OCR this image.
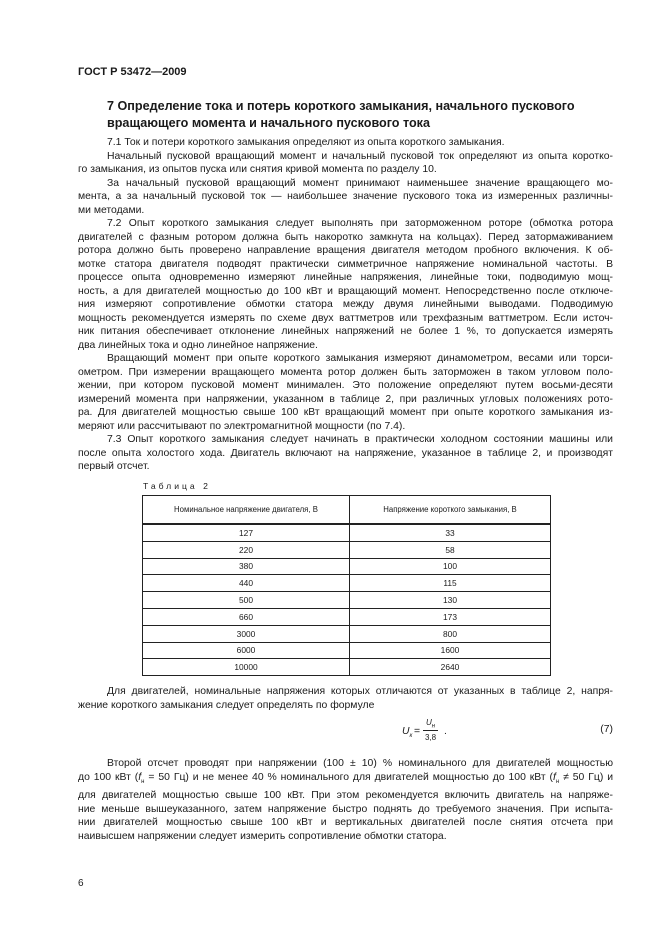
ГОСТ Р 53472—2009
7 Определение тока и потерь короткого замыкания, начального пускового
вращающего момента и начального пускового тока
7.1 Ток и потери короткого замыкания определяют из опыта короткого замыкания.
Начальный пусковой вращающий момент и начальный пусковой ток определяют из опыта коротко-
го замыкания, из опытов пуска или снятия кривой момента по разделу 10.
За начальный пусковой вращающий момент принимают наименьшее значение вращающего мо-
мента, а за начальный пусковой ток — наибольшее значение пускового тока из измеренных различны-
ми методами.
7.2 Опыт короткого замыкания следует выполнять при заторможенном роторе (обмотка ротора
двигателей с фазным ротором должна быть накоротко замкнута на кольцах). Перед затормаживанием
ротора должно быть проверено направление вращения двигателя методом пробного включения. К об-
мотке статора двигателя подводят практически симметричное напряжение номинальной частоты. В
процессе опыта одновременно измеряют линейные напряжения, линейные токи, подводимую мощ-
ность, а для двигателей мощностью до 100 кВт и вращающий момент. Непосредственно после отключе-
ния измеряют сопротивление обмотки статора между двумя линейными выводами. Подводимую
мощность рекомендуется измерять по схеме двух ваттметров или трехфазным ваттметром. Если источ-
ник питания обеспечивает отклонение линейных напряжений не более 1 %, то допускается измерять
два линейных тока и одно линейное напряжение.
Вращающий момент при опыте короткого замыкания измеряют динамометром, весами или торси-
ометром. При измерении вращающего момента ротор должен быть заторможен в таком угловом поло-
жении, при котором пусковой момент минимален. Это положение определяют путем восьми-десяти
измерений момента при напряжении, указанном в таблице 2, при различных угловых положениях рото-
ра. Для двигателей мощностью свыше 100 кВт вращающий момент при опыте короткого замыкания из-
меряют или рассчитывают по электромагнитной мощности (по 7.4).
7.3 Опыт короткого замыкания следует начинать в практически холодном состоянии машины или
после опыта холостого хода. Двигатель включают на напряжение, указанное в таблице 2, и производят
первый отсчет.
Таблица 2
Номинальное напряжение двигателя, В	Напряжение короткого замыкания, В
127	33
220	58
380	100
440	115
500	130
660	173
3000	800
6000	1600
10000	2640
Для двигателей, номинальные напряжения которых отличаются от указанных в таблице 2, напря-
жение короткого замыкания следует определять по формуле
$U_к$ =
$U_н$
3,8
.	(7)
Второй отсчет проводят при напряжении (100 ± 10) % номинального для двигателей мощностью
до 100 кВт ($f_н = 50$ Гц) и не менее 40 % номинального для двигателей мощностью до 100 кВт ($f_н \ne 50$ Гц) и
для двигателей мощностью свыше 100 кВт. При этом рекомендуется включить двигатель на напряже-
ние меньше вышеуказанного, затем напряжение быстро поднять до требуемого значения. При испыта-
нии двигателей мощностью свыше 100 кВт и вертикальных двигателей после снятия отсчета при
наивысшем напряжении следует измерить сопротивление обмотки статора.
6
